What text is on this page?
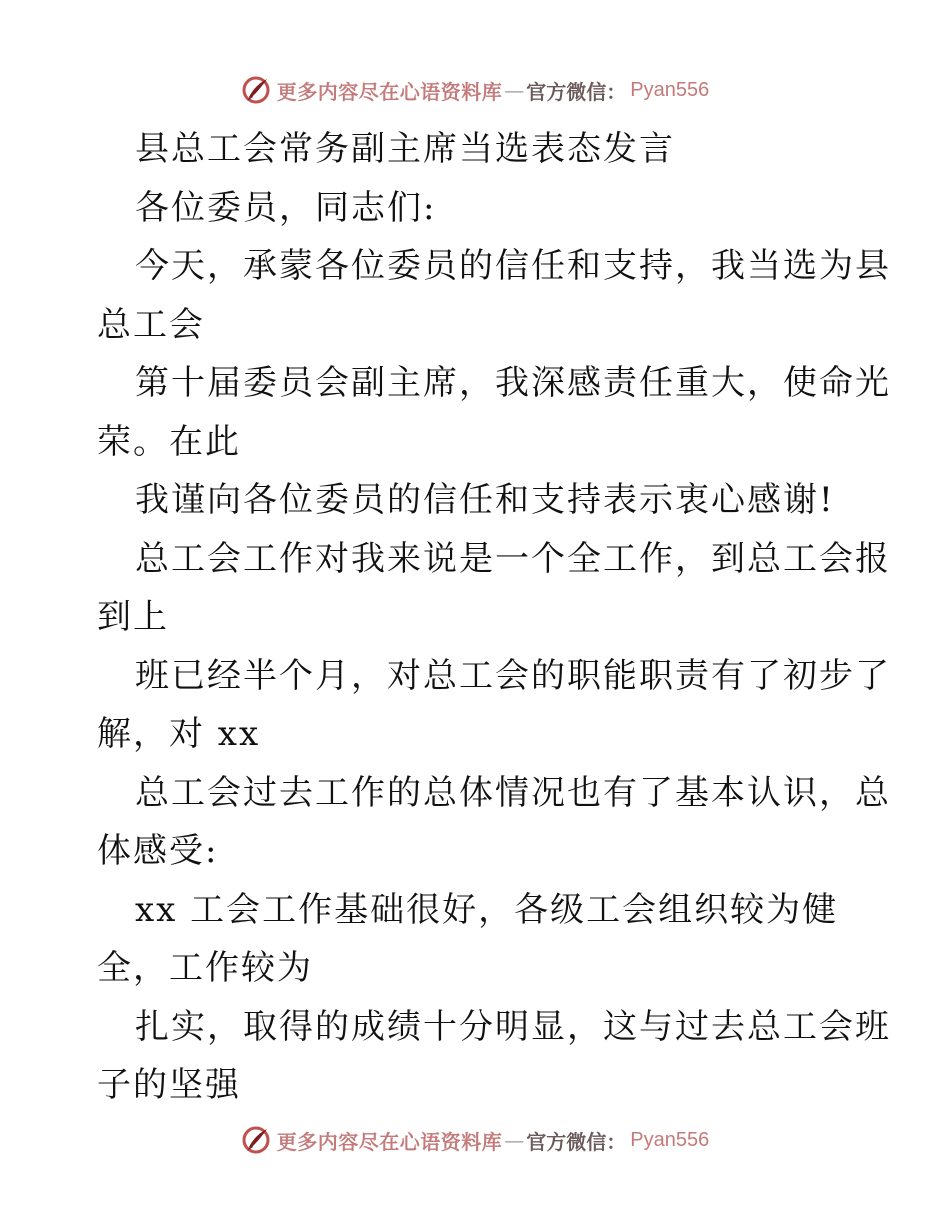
更多内容尽在心语资料库 — 官方微信： Pyan556
县总工会常务副主席当选表态发言
各位委员，同志们:
今天，承蒙各位委员的信任和支持，我当选为县
总工会
第十届委员会副主席，我深感责任重大，使命光
荣。在此
我谨向各位委员的信任和支持表示衷心感谢!
总工会工作对我来说是一个全工作，到总工会报
到上
班已经半个月，对总工会的职能职责有了初步了
解，对 xx
总工会过去工作的总体情况也有了基本认识，总
体感受:
xx 工会工作基础很好，各级工会组织较为健
全，工作较为
扎实，取得的成绩十分明显，这与过去总工会班
子的坚强
更多内容尽在心语资料库 — 官方微信： Pyan556
